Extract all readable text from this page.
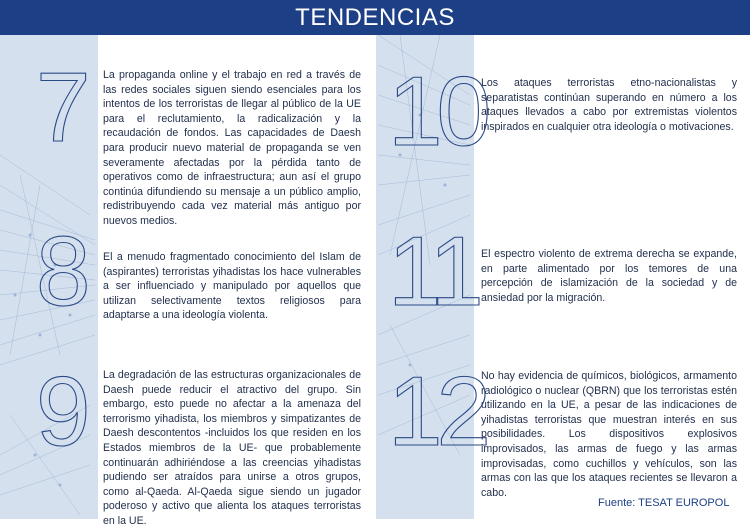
TENDENCIAS
7
8
9
10
11
12
La propaganda online y el trabajo en red a través de las redes sociales siguen siendo esenciales para los intentos de los terroristas de llegar al público de la UE para el reclutamiento, la radicalización y la recaudación de fondos. Las capacidades de Daesh para producir nuevo material de propaganda se ven severamente afectadas por la pérdida tanto de operativos como de infraestructura; aun así el grupo continúa difundiendo su mensaje a un público amplio, redistribuyendo cada vez material más antiguo por nuevos medios.
El a menudo fragmentado conocimiento del Islam de (aspirantes) terroristas yihadistas los hace vulnerables a ser influenciado y manipulado por aquellos que utilizan selectivamente textos religiosos para adaptarse a una ideología violenta.
La degradación de las estructuras organizacionales de Daesh puede reducir el atractivo del grupo. Sin embargo, esto puede no afectar a la amenaza del terrorismo yihadista, los miembros y simpatizantes de Daesh descontentos -incluidos los que residen en los Estados miembros de la UE- que probablemente continuarán adhiriéndose a las creencias yihadistas pudiendo ser atraídos para unirse a otros grupos, como al-Qaeda. Al-Qaeda sigue siendo un jugador poderoso y activo que alienta los ataques terroristas en la UE.
Los ataques terroristas etno-nacionalistas y separatistas continúan superando en número a los ataques llevados a cabo por extremistas violentos inspirados en cualquier otra ideología o motivaciones.
El espectro violento de extrema derecha se expande, en parte alimentado por los temores de una percepción de islamización de la sociedad y de ansiedad por la migración.
No hay evidencia de químicos, biológicos, armamento radiológico o nuclear (QBRN) que los terroristas estén utilizando en la UE, a pesar de las indicaciones de yihadistas terroristas que muestran interés en sus posibilidades. Los dispositivos explosivos improvisados, las armas de fuego y las armas improvisadas, como cuchillos y vehículos, son las armas con las que los ataques recientes se llevaron a cabo.
Fuente: TESAT EUROPOL
